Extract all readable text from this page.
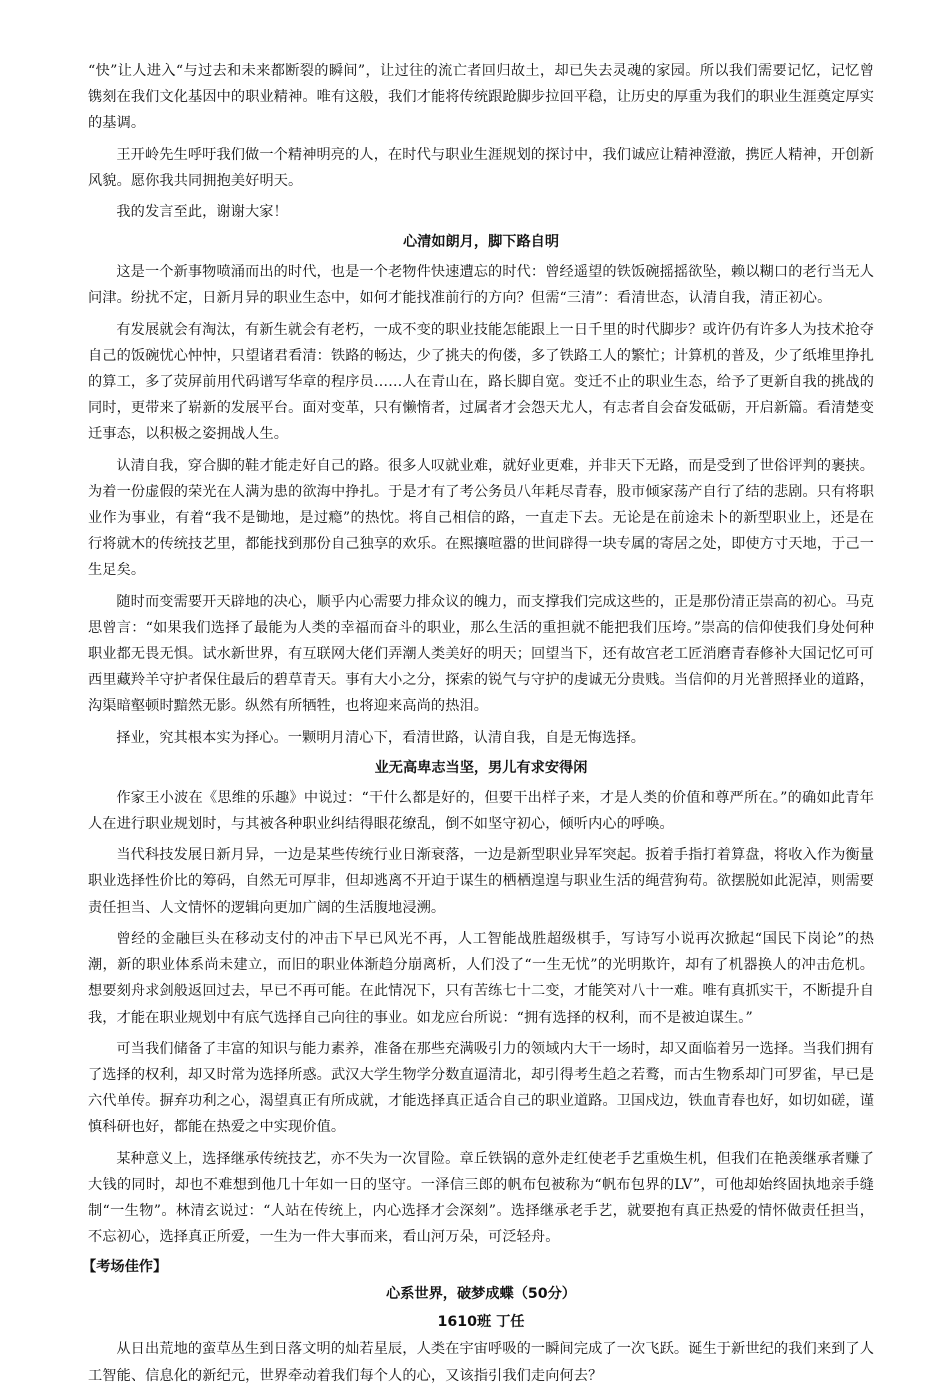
“快”让人进入“与过去和未来都断裂的瞬间”，让过往的流亡者回归故土，却已失去灵魂的家园。所以我们需要记忆，记忆曾镌刻在我们文化基因中的职业精神。唯有这般，我们才能将传统跟跄脚步拉回平稳，让历史的厚重为我们的职业生涯奠定厚实的基调。

王开岭先生呼吁我们做一个精神明亮的人，在时代与职业生涯规划的探讨中，我们诚应让精神澄澈，携匠人精神，开创新风貌。愿你我共同拥抱美好明天。

我的发言至此，谢谢大家！

心清如朗月，脚下路自明

这是一个新事物喷涌而出的时代，也是一个老物件快速遭忘的时代：曾经遥望的铁饭碗摇摇欲坠，赖以糊口的老行当无人问津。纷扰不定，日新月异的职业生态中，如何才能找准前行的方向？但需“三清”：看清世态，认清自我，清正初心。

有发展就会有淘汰，有新生就会有老朽，一成不变的职业技能怎能跟上一日千里的时代脚步？或许仍有许多人为技术抢夺自己的饭碗忧心忡忡，只望诸君看清：铁路的畅达，少了挑夫的佝偻，多了铁路工人的繁忙；计算机的普及，少了纸堆里挣扎的算工，多了荧屏前用代码谱写华章的程序员……人在青山在，路长脚自宽。变迁不止的职业生态，给予了更新自我的挑战的同时，更带来了崭新的发展平台。面对变革，只有懒惰者，过属者才会怨天尤人，有志者自会奋发砥砺，开启新篇。看清楚变迁事态，以积极之姿拥战人生。

认清自我，穿合脚的鞋才能走好自己的路。很多人叹就业难，就好业更难，并非天下无路，而是受到了世俗评判的裹挟。为着一份虚假的荣光在人满为患的欲海中挣扎。于是才有了考公务员八年耗尽青春，股市倾家荡产自行了结的悲剧。只有将职业作为事业，有着“我不是锄地，是过瘾”的热忱。将自己相信的路，一直走下去。无论是在前途未卜的新型职业上，还是在行将就木的传统技艺里，都能找到那份自己独享的欢乐。在熙攘喧嚣的世间辟得一块专属的寄居之处，即使方寸天地，于己一生足矣。

随时而变需要开天辟地的决心，顺乎内心需要力排众议的魄力，而支撑我们完成这些的，正是那份清正崇高的初心。马克思曾言：“如果我们选择了最能为人类的幸福而奋斗的职业，那么生活的重担就不能把我们压垮。”崇高的信仰使我们身处何种职业都无畏无惧。试水新世界，有互联网大佬们弄潮人类美好的明天；回望当下，还有故宫老工匠消磨青春修补大国记忆可可西里藏羚羊守护者保住最后的碧草青天。事有大小之分，探索的锐气与守护的虔诚无分贵贱。当信仰的月光普照择业的道路，沟渠暗壑顿时黯然无影。纵然有所牺牲，也将迎来高尚的热泪。

择业，究其根本实为择心。一颗明月清心下，看清世路，认清自我，自是无悔选择。

业无高卑志当坚，男儿有求安得闲

作家王小波在《思维的乐趣》中说过：“干什么都是好的，但要干出样子来，才是人类的价值和尊严所在。”的确如此青年人在进行职业规划时，与其被各种职业纠结得眼花缭乱，倒不如坚守初心，倾听内心的呼唤。

当代科技发展日新月异，一边是某些传统行业日渐衰落，一边是新型职业异军突起。扳着手指打着算盘，将收入作为衡量职业选择性价比的筹码，自然无可厚非，但却逃离不开迫于谋生的栖栖遑遑与职业生活的绳营狗苟。欲摆脱如此泥淖，则需要责任担当、人文情怀的逻辑向更加广阔的生活腹地浸溯。

曾经的金融巨头在移动支付的冲击下早已风光不再，人工智能战胜超级棋手，写诗写小说再次掀起“国民下岗论”的热潮，新的职业体系尚未建立，而旧的职业体渐趋分崩离析，人们没了“一生无忧”的光明欺许，却有了机器换人的冲击危机。想要刻舟求剑般返回过去，早已不再可能。在此情况下，只有苦练七十二变，才能笑对八十一难。唯有真抓实干，不断提升自我，才能在职业规划中有底气选择自己向往的事业。如龙应台所说：“拥有选择的权利，而不是被迫谋生。”

可当我们储备了丰富的知识与能力素养，准备在那些充满吸引力的领域内大干一场时，却又面临着另一选择。当我们拥有了选择的权利，却又时常为选择所惑。武汉大学生物学分数直逼清北，却引得考生趋之若鹜，而古生物系却门可罗雀，早已是六代单传。摒弃功利之心，渴望真正有所成就，才能选择真正适合自己的职业道路。卫国戍边，铁血青春也好，如切如磋，谨慎科研也好，都能在热爱之中实现价值。

某种意义上，选择继承传统技艺，亦不失为一次冒险。章丘铁锅的意外走红使老手艺重焕生机，但我们在艳羡继承者赚了大钱的同时，却也不难想到他几十年如一日的坚守。一泽信三郎的帆布包被称为“帆布包界的LV”，可他却始终固执地亲手缝制“一生物”。林清玄说过：“人站在传统上，内心选择才会深刻”。选择继承老手艺，就要抱有真正热爱的情怀做责任担当，不忘初心，选择真正所爱，一生为一件大事而来，看山河万朵，可泛轻舟。

【考场佳作】
心系世界，破梦成蝶（50分）
1610班 丁任

从日出荒地的蛮草丛生到日落文明的灿若星辰，人类在宇宙呼吸的一瞬间完成了一次飞跃。诞生于新世纪的我们来到了人工智能、信息化的新纪元，世界牵动着我们每个人的心，又该指引我们走向何去？
